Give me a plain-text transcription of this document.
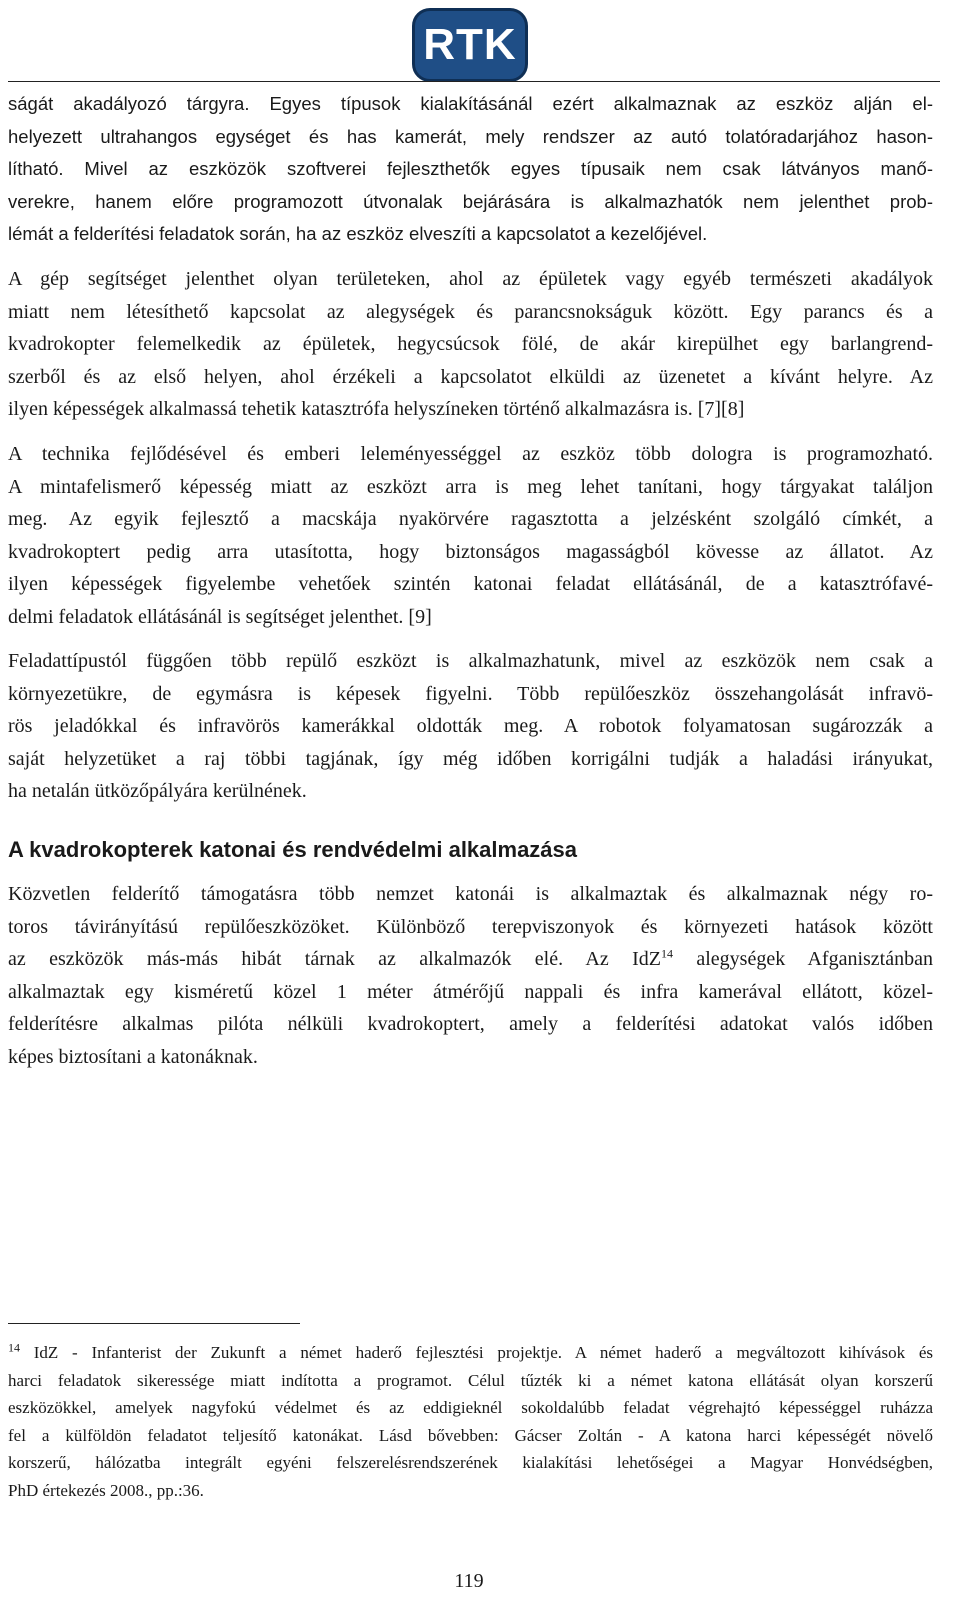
RTK
ságát akadályozó tárgyra. Egyes típusok kialakításánál ezért alkalmaznak az eszköz alján el-
helyezett ultrahangos egységet és has kamerát, mely rendszer az autó tolatóradarjához hason-
lítható. Mivel az eszközök szoftverei fejleszthetők egyes típusaik nem csak látványos manő-
verekre, hanem előre programozott útvonalak bejárására is alkalmazhatók nem jelenthet prob-
lémát a felderítési feladatok során, ha az eszköz elveszíti a kapcsolatot a kezelőjével.
A gép segítséget jelenthet olyan területeken, ahol az épületek vagy egyéb természeti akadályok
miatt nem létesíthető kapcsolat az alegységek és parancsnokságuk között. Egy parancs és a
kvadrokopter felemelkedik az épületek, hegycsúcsok fölé, de akár kirepülhet egy barlangrend-
szerből és az első helyen, ahol érzékeli a kapcsolatot elküldi az üzenetet a kívánt helyre. Az
ilyen képességek alkalmassá tehetik katasztrófa helyszíneken történő alkalmazásra is. [7][8]
A technika fejlődésével és emberi leleményességgel az eszköz több dologra is programozható.
A mintafelismerő képesség miatt az eszközt arra is meg lehet tanítani, hogy tárgyakat találjon
meg. Az egyik fejlesztő a macskája nyakörvére ragasztotta a jelzésként szolgáló címkét, a
kvadrokoptert pedig arra utasította, hogy biztonságos magasságból kövesse az állatot. Az
ilyen képességek figyelembe vehetőek szintén katonai feladat ellátásánál, de a katasztrófavé-
delmi feladatok ellátásánál is segítséget jelenthet. [9]
Feladattípustól függően több repülő eszközt is alkalmazhatunk, mivel az eszközök nem csak a
környezetükre, de egymásra is képesek figyelni. Több repülőeszköz összehangolását infravö-
rös jeladókkal és infravörös kamerákkal oldották meg. A robotok folyamatosan sugározzák a
saját helyzetüket a raj többi tagjának, így még időben korrigálni tudják a haladási irányukat,
ha netalán ütközőpályára kerülnének.
A kvadrokopterek katonai és rendvédelmi alkalmazása
Közvetlen felderítő támogatásra több nemzet katonái is alkalmaztak és alkalmaznak négy ro-
toros távirányítású repülőeszközöket. Különböző terepviszonyok és környezeti hatások között
az eszközök más-más hibát tárnak az alkalmazók elé. Az IdZ$^{14}$ alegységek Afganisztánban
alkalmaztak egy kisméretű közel 1 méter átmérőjű nappali és infra kamerával ellátott, közel-
felderítésre alkalmas pilóta nélküli kvadrokoptert, amely a felderítési adatokat valós időben
képes biztosítani a katonáknak.
$^{14}$ IdZ - Infanterist der Zukunft a német haderő fejlesztési projektje. A német haderő a megváltozott kihívások és
harci feladatok sikeressége miatt indította a programot. Célul tűzték ki a német katona ellátását olyan korszerű
eszközökkel, amelyek nagyfokú védelmet és az eddigieknél sokoldalúbb feladat végrehajtó képességgel ruházza
fel a külföldön feladatot teljesítő katonákat. Lásd bővebben: Gácser Zoltán - A katona harci képességét növelő
korszerű, hálózatba integrált egyéni felszerelésrendszerének kialakítási lehetőségei a Magyar Honvédségben,
PhD értekezés 2008., pp.:36.
119
